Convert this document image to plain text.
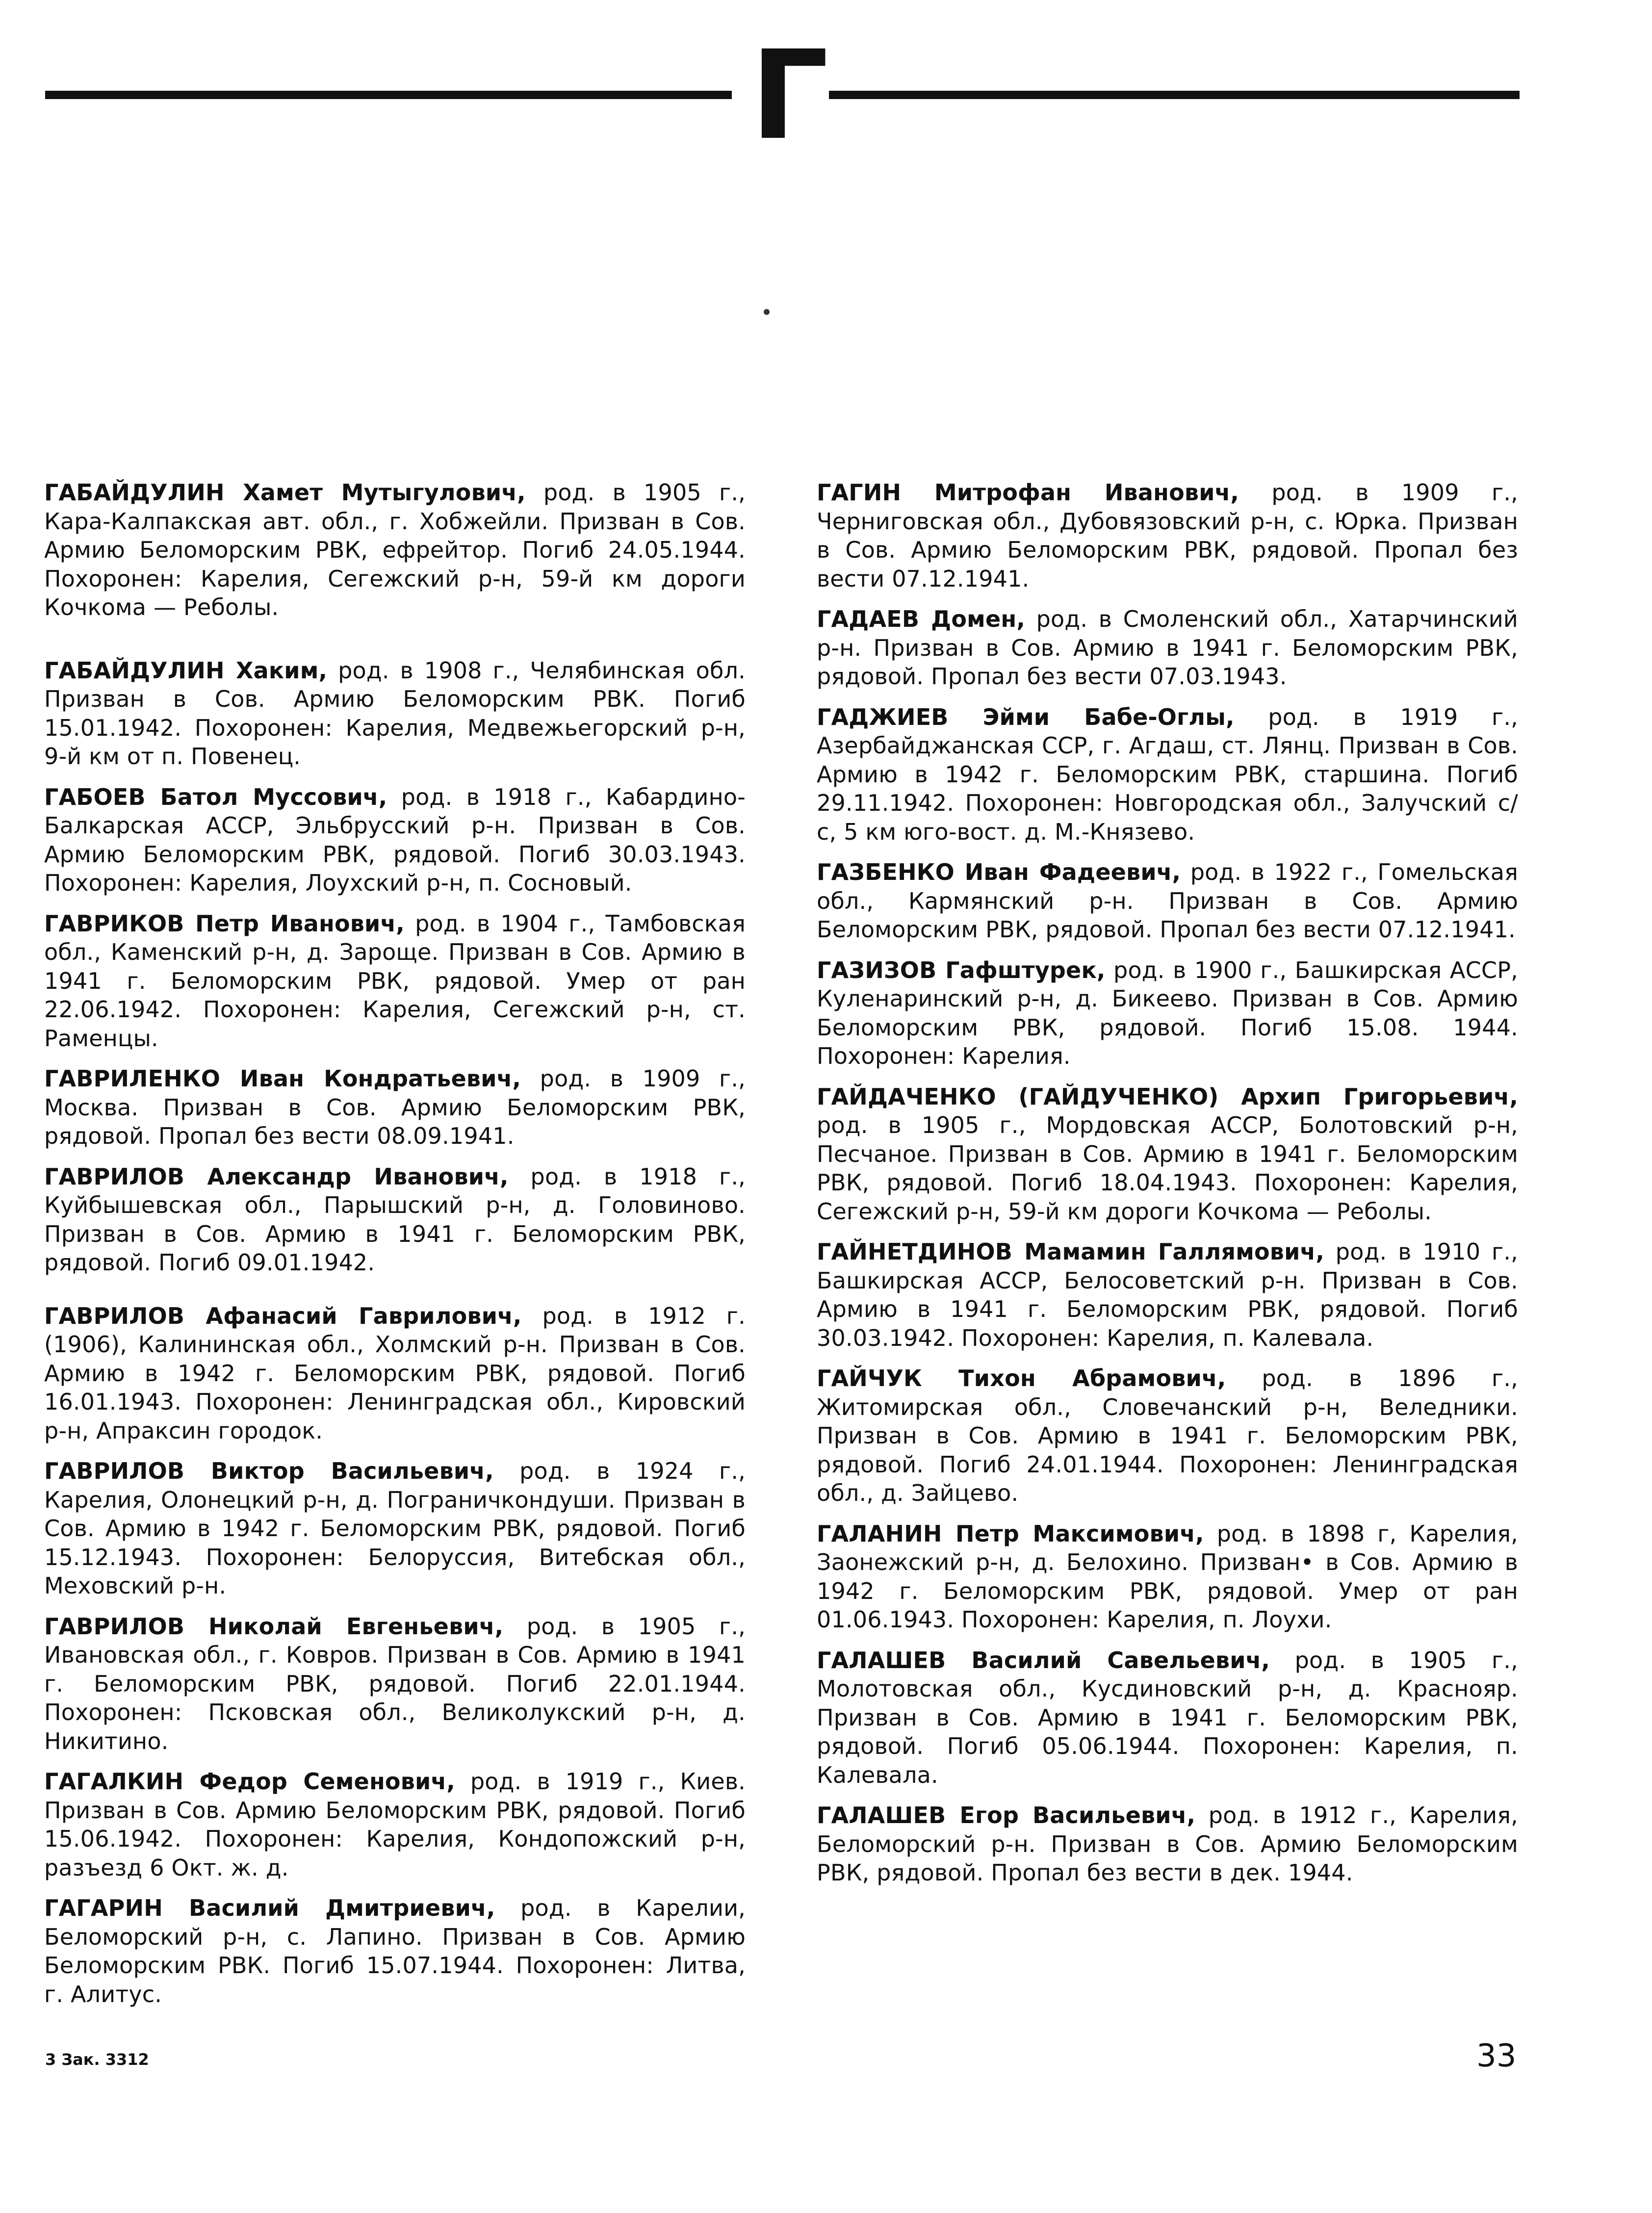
Г

ГАБАЙДУЛИН Хамет Мутыгулович, род. в 1905 г., Кара-Калпакская авт. обл., г. Хобжейли. Призван в Сов. Армию Беломорским РВК, ефрейтор. Погиб 24.05.1944. Похоронен: Карелия, Сегежский р-н, 59-й км дороги Кочкома — Реболы.

ГАБАЙДУЛИН Хаким, род. в 1908 г., Челябинская обл. Призван в Сов. Армию Беломорским РВК. Погиб 15.01.1942. Похоронен: Карелия, Медвежьегорский р-н, 9-й км от п. Повенец.

ГАБОЕВ Батол Муссович, род. в 1918 г., Кабардино-Балкарская АССР, Эльбрусский р-н. Призван в Сов. Армию Беломорским РВК, рядовой. Погиб 30.03.1943. Похоронен: Карелия, Лоухский р-н, п. Сосновый.

ГАВРИКОВ Петр Иванович, род. в 1904 г., Тамбовская обл., Каменский р-н, д. Зароще. Призван в Сов. Армию в 1941 г. Беломорским РВК, рядовой. Умер от ран 22.06.1942. Похоронен: Карелия, Сегежский р-н, ст. Раменцы.

ГАВРИЛЕНКО Иван Кондратьевич, род. в 1909 г., Москва. Призван в Сов. Армию Беломорским РВК, рядовой. Пропал без вести 08.09.1941.

ГАВРИЛОВ Александр Иванович, род. в 1918 г., Куйбышевская обл., Парышский р-н, д. Головиново. Призван в Сов. Армию в 1941 г. Беломорским РВК, рядовой. Погиб 09.01.1942.

ГАВРИЛОВ Афанасий Гаврилович, род. в 1912 г. (1906), Калининская обл., Холмский р-н. Призван в Сов. Армию в 1942 г. Беломорским РВК, рядовой. Погиб 16.01.1943. Похоронен: Ленинградская обл., Кировский р-н, Апраксин городок.

ГАВРИЛОВ Виктор Васильевич, род. в 1924 г., Карелия, Олонецкий р-н, д. Пограничкондуши. Призван в Сов. Армию в 1942 г. Беломорским РВК, рядовой. Погиб 15.12.1943. Похоронен: Белоруссия, Витебская обл., Меховский р-н.

ГАВРИЛОВ Николай Евгеньевич, род. в 1905 г., Ивановская обл., г. Ковров. Призван в Сов. Армию в 1941 г. Беломорским РВК, рядовой. Погиб 22.01.1944. Похоронен: Псковская обл., Великолукский р-н, д. Никитино.

ГАГАЛКИН Федор Семенович, род. в 1919 г., Киев. Призван в Сов. Армию Беломорским РВК, рядовой. Погиб 15.06.1942. Похоронен: Карелия, Кондопожский р-н, разъезд 6 Окт. ж. д.

ГАГАРИН Василий Дмитриевич, род. в Карелии, Беломорский р-н, с. Лапино. Призван в Сов. Армию Беломорским РВК. Погиб 15.07.1944. Похоронен: Литва, г. Алитус.

ГАГИН Митрофан Иванович, род. в 1909 г., Черниговская обл., Дубовязовский р-н, с. Юрка. Призван в Сов. Армию Беломорским РВК, рядовой. Пропал без вести 07.12.1941.

ГАДАЕВ Домен, род. в Смоленский обл., Хатарчинский р-н. Призван в Сов. Армию в 1941 г. Беломорским РВК, рядовой. Пропал без вести 07.03.1943.

ГАДЖИЕВ Эйми Бабе-Оглы, род. в 1919 г., Азербайджанская ССР, г. Агдаш, ст. Лянц. Призван в Сов. Армию в 1942 г. Беломорским РВК, старшина. Погиб 29.11.1942. Похоронен: Новгородская обл., Залучский с/с, 5 км юго-вост. д. М.-Князево.

ГАЗБЕНКО Иван Фадеевич, род. в 1922 г., Гомельская обл., Кармянский р-н. Призван в Сов. Армию Беломорским РВК, рядовой. Пропал без вести 07.12.1941.

ГАЗИЗОВ Гафштурек, род. в 1900 г., Башкирская АССР, Куленаринский р-н, д. Бикеево. Призван в Сов. Армию Беломорским РВК, рядовой. Погиб 15.08. 1944. Похоронен: Карелия.

ГАЙДАЧЕНКО (ГАЙДУЧЕНКО) Архип Григорьевич, род. в 1905 г., Мордовская АССР, Болотовский р-н, Песчаное. Призван в Сов. Армию в 1941 г. Беломорским РВК, рядовой. Погиб 18.04.1943. Похоронен: Карелия, Сегежский р-н, 59-й км дороги Кочкома — Реболы.

ГАЙНЕТДИНОВ Мамамин Галлямович, род. в 1910 г., Башкирская АССР, Белосоветский р-н. Призван в Сов. Армию в 1941 г. Беломорским РВК, рядовой. Погиб 30.03.1942. Похоронен: Карелия, п. Калевала.

ГАЙЧУК Тихон Абрамович, род. в 1896 г., Житомирская обл., Словечанский р-н, Веледники. Призван в Сов. Армию в 1941 г. Беломорским РВК, рядовой. Погиб 24.01.1944. Похоронен: Ленинградская обл., д. Зайцево.

ГАЛАНИН Петр Максимович, род. в 1898 г, Карелия, Заонежский р-н, д. Белохино. Призван• в Сов. Армию в 1942 г. Беломорским РВК, рядовой. Умер от ран 01.06.1943. Похоронен: Карелия, п. Лоухи.

ГАЛАШЕВ Василий Савельевич, род. в 1905 г., Молотовская обл., Кусдиновский р-н, д. Краснояр. Призван в Сов. Армию в 1941 г. Беломорским РВК, рядовой. Погиб 05.06.1944. Похоронен: Карелия, п. Калевала.

ГАЛАШЕВ Егор Васильевич, род. в 1912 г., Карелия, Беломорский р-н. Призван в Сов. Армию Беломорским РВК, рядовой. Пропал без вести в дек. 1944.

3 Зак. 3312	33
